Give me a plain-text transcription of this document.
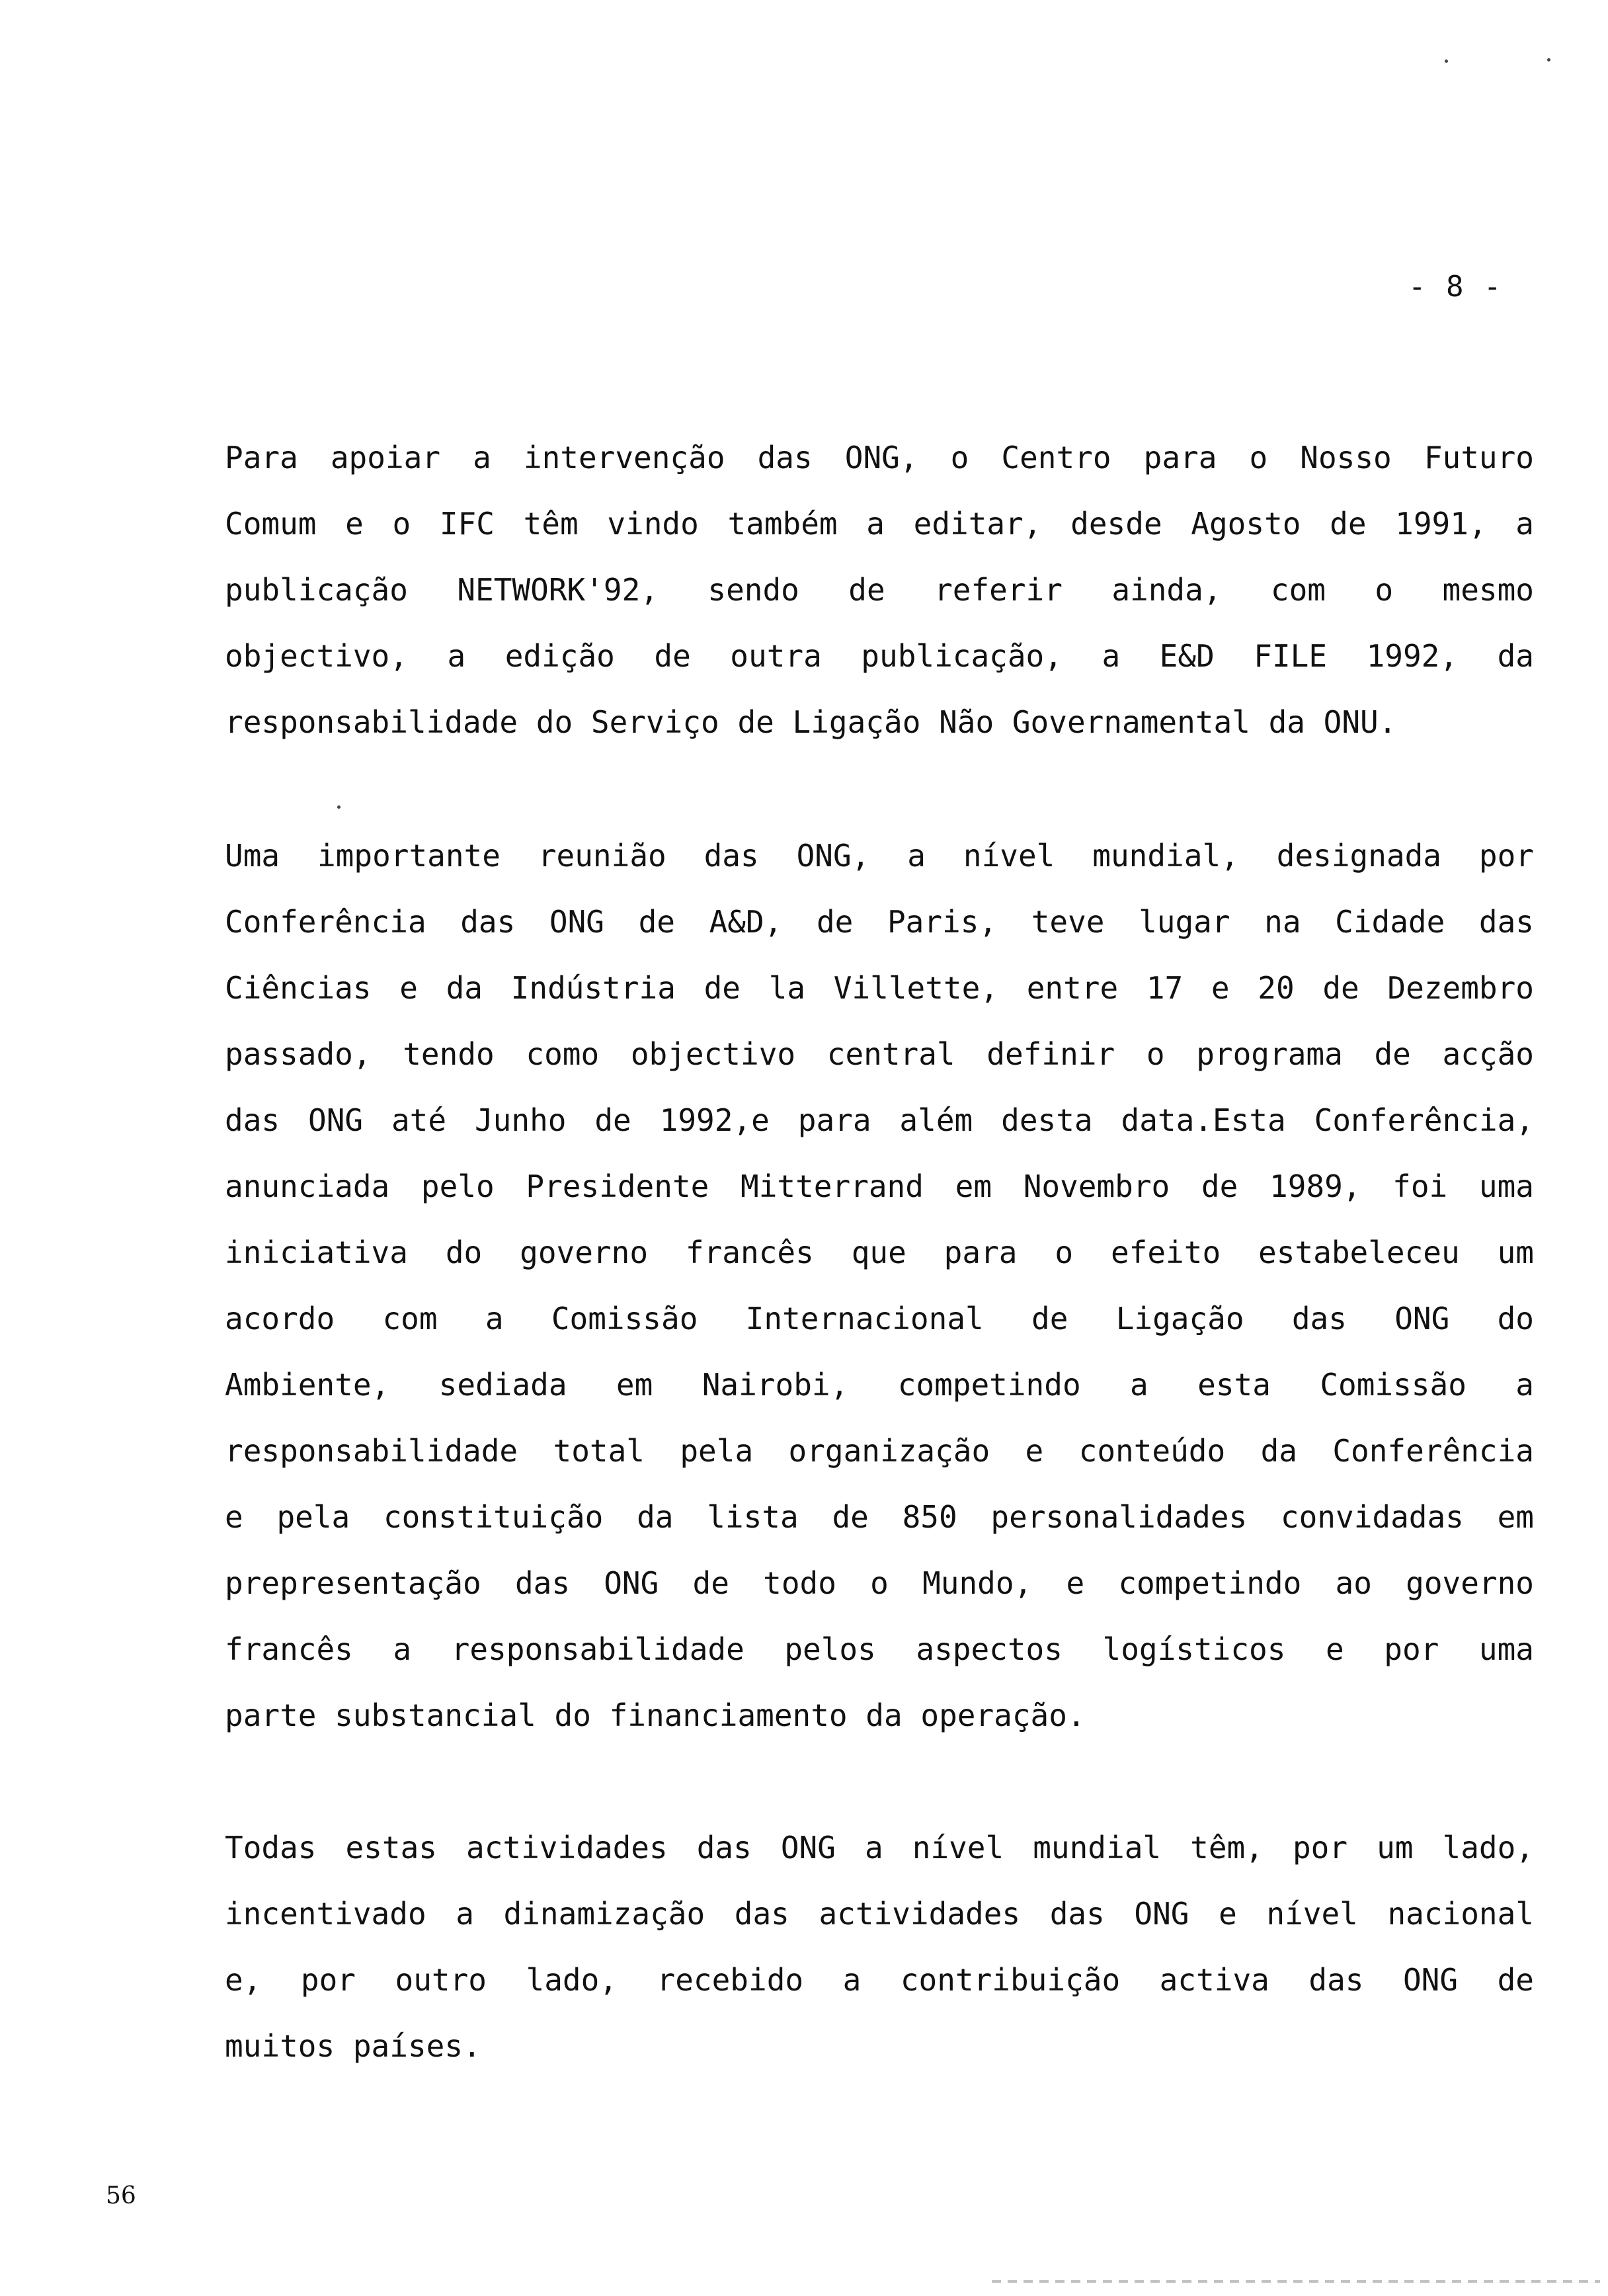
- 8 -
Para apoiar a intervenção das ONG, o Centro para o Nosso Futuro
Comum e o IFC têm vindo também a editar, desde Agosto de 1991, a
publicação NETWORK'92, sendo de referir ainda, com o mesmo
objectivo, a edição de outra publicação, a E&D FILE 1992, da
responsabilidade do Serviço de Ligação Não Governamental da ONU.
Uma importante reunião das ONG, a nível mundial, designada por
Conferência das ONG de A&D, de Paris, teve lugar na Cidade das
Ciências e da Indústria de la Villette, entre 17 e 20 de Dezembro
passado, tendo como objectivo central definir o programa de acção
das ONG até Junho de 1992,e para além desta data.Esta Conferência,
anunciada pelo Presidente Mitterrand em Novembro de 1989, foi uma
iniciativa do governo francês que para o efeito estabeleceu um
acordo com a Comissão Internacional de Ligação das ONG do
Ambiente, sediada em Nairobi, competindo a esta Comissão a
responsabilidade total pela organização e conteúdo da Conferência
e pela constituição da lista de 850 personalidades convidadas em
prepresentação das ONG de todo o Mundo, e competindo ao governo
francês a responsabilidade pelos aspectos logísticos e por uma
parte substancial do financiamento da operação.
Todas estas actividades das ONG a nível mundial têm, por um lado,
incentivado a dinamização das actividades das ONG e nível nacional
e, por outro lado, recebido a contribuição activa das ONG de
muitos países.
56
